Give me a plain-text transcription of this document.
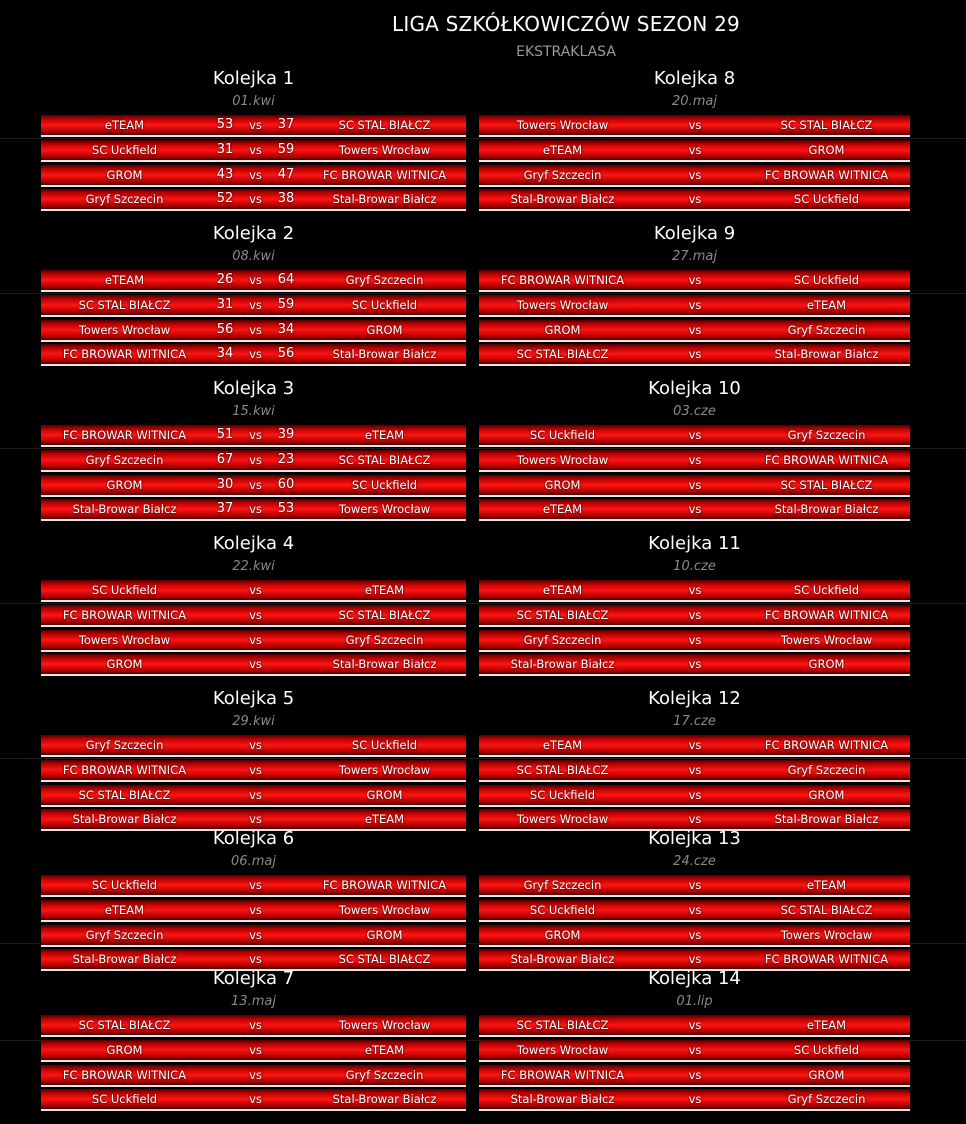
LIGA SZKÓŁKOWICZÓW SEZON 29
EKSTRAKLASA
Kolejka 1
01.kwi
eTEAM	53	vs	37	SC STAL BIAŁCZ
SC Uckfield	31	vs	59	Towers Wrocław
GROM	43	vs	47	FC BROWAR WITNICA
Gryf Szczecin	52	vs	38	Stal-Browar Białcz
Kolejka 8
20.maj
Towers Wrocław	vs	SC STAL BIAŁCZ
eTEAM	vs	GROM
Gryf Szczecin	vs	FC BROWAR WITNICA
Stal-Browar Białcz	vs	SC Uckfield
Kolejka 2
08.kwi
eTEAM	26	vs	64	Gryf Szczecin
SC STAL BIAŁCZ	31	vs	59	SC Uckfield
Towers Wrocław	56	vs	34	GROM
FC BROWAR WITNICA	34	vs	56	Stal-Browar Białcz
Kolejka 9
27.maj
FC BROWAR WITNICA	vs	SC Uckfield
Towers Wrocław	vs	eTEAM
GROM	vs	Gryf Szczecin
SC STAL BIAŁCZ	vs	Stal-Browar Białcz
Kolejka 3
15.kwi
FC BROWAR WITNICA	51	vs	39	eTEAM
Gryf Szczecin	67	vs	23	SC STAL BIAŁCZ
GROM	30	vs	60	SC Uckfield
Stal-Browar Białcz	37	vs	53	Towers Wrocław
Kolejka 10
03.cze
SC Uckfield	vs	Gryf Szczecin
Towers Wrocław	vs	FC BROWAR WITNICA
GROM	vs	SC STAL BIAŁCZ
eTEAM	vs	Stal-Browar Białcz
Kolejka 4
22.kwi
SC Uckfield	vs	eTEAM
FC BROWAR WITNICA	vs	SC STAL BIAŁCZ
Towers Wrocław	vs	Gryf Szczecin
GROM	vs	Stal-Browar Białcz
Kolejka 11
10.cze
eTEAM	vs	SC Uckfield
SC STAL BIAŁCZ	vs	FC BROWAR WITNICA
Gryf Szczecin	vs	Towers Wrocław
Stal-Browar Białcz	vs	GROM
Kolejka 5
29.kwi
Gryf Szczecin	vs	SC Uckfield
FC BROWAR WITNICA	vs	Towers Wrocław
SC STAL BIAŁCZ	vs	GROM
Stal-Browar Białcz	vs	eTEAM
Kolejka 12
17.cze
eTEAM	vs	FC BROWAR WITNICA
SC STAL BIAŁCZ	vs	Gryf Szczecin
SC Uckfield	vs	GROM
Towers Wrocław	vs	Stal-Browar Białcz
Kolejka 6
06.maj
SC Uckfield	vs	FC BROWAR WITNICA
eTEAM	vs	Towers Wrocław
Gryf Szczecin	vs	GROM
Stal-Browar Białcz	vs	SC STAL BIAŁCZ
Kolejka 13
24.cze
Gryf Szczecin	vs	eTEAM
SC Uckfield	vs	SC STAL BIAŁCZ
GROM	vs	Towers Wrocław
Stal-Browar Białcz	vs	FC BROWAR WITNICA
Kolejka 7
13.maj
SC STAL BIAŁCZ	vs	Towers Wrocław
GROM	vs	eTEAM
FC BROWAR WITNICA	vs	Gryf Szczecin
SC Uckfield	vs	Stal-Browar Białcz
Kolejka 14
01.lip
SC STAL BIAŁCZ	vs	eTEAM
Towers Wrocław	vs	SC Uckfield
FC BROWAR WITNICA	vs	GROM
Stal-Browar Białcz	vs	Gryf Szczecin
